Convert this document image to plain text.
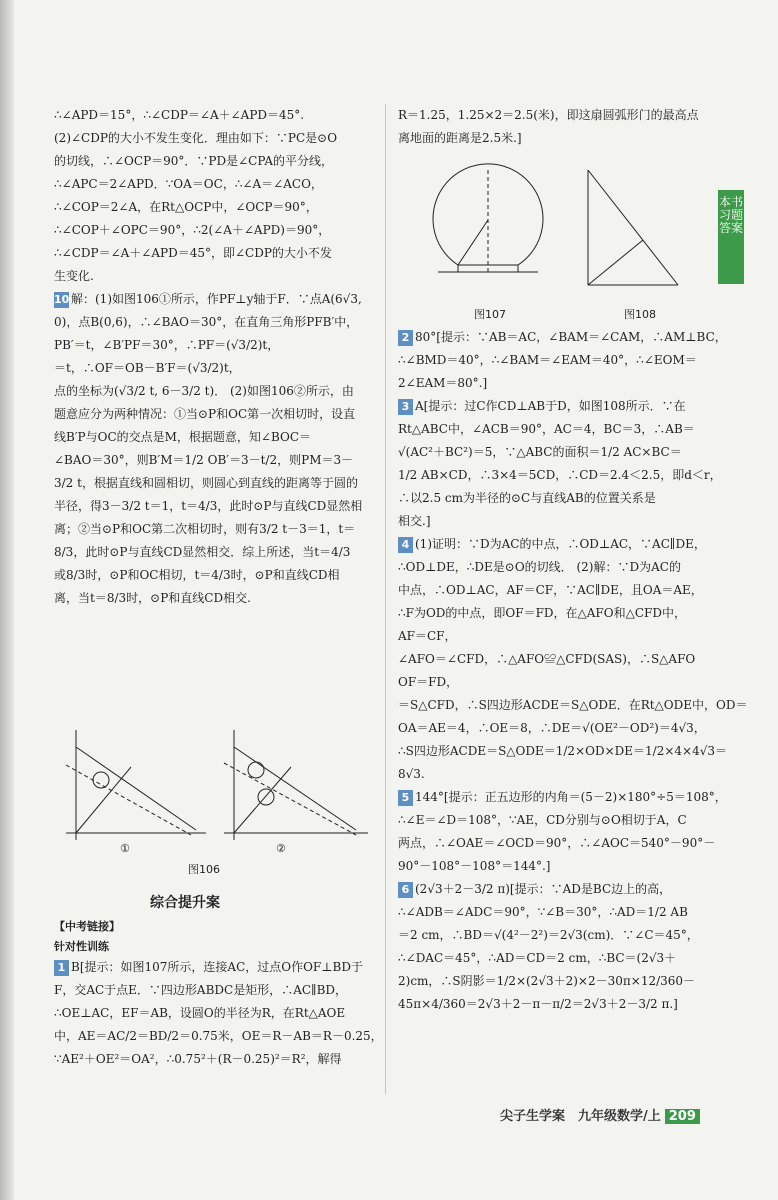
本书习题答案

∴∠APD＝15°，∴∠CDP＝∠A＋∠APD＝45°.

(2)∠CDP的大小不发生变化．理由如下：∵PC是⊙O

的切线，∴∠OCP＝90°．∵PD是∠CPA的平分线，

∴∠APC＝2∠APD．∵OA＝OC，∴∠A＝∠ACO，

∴∠COP＝2∠A，在Rt△OCP中，∠OCP＝90°，

∴∠COP＋∠OPC＝90°，∴2(∠A＋∠APD)＝90°，

∴∠CDP＝∠A＋∠APD＝45°，即∠CDP的大小不发

生变化.

10 解：(1)如图106①所示，作PF⊥y轴于F．∵点A(6√3,

0)，点B(0,6)，∴∠BAO＝30°，在直角三角形PFB′中，

PB′＝t，∠B′PF＝30°，∴PF＝(√3/2)t，

＝t，∴OF＝OB－B′F＝(√3/2)t，

点的坐标为(√3/2 t, 6－3/2 t)． (2)如图106②所示，由

题意应分为两种情况：①当⊙P和OC第一次相切时，设直

线B′P与OC的交点是M，根据题意，知∠BOC＝

∠BAO＝30°，则B′M＝1/2 OB′＝3－t/2，则PM＝3－

3/2 t，根据直线和圆相切，则圆心到直线的距离等于圆的

半径，得3－3/2 t＝1，t＝4/3，此时⊙P与直线CD显然相

离；②当⊙P和OC第二次相切时，则有3/2 t－3＝1，t＝

8/3，此时⊙P与直线CD显然相交．综上所述，当t＝4/3

或8/3时，⊙P和OC相切，t＝4/3时，⊙P和直线CD相

离，当t＝8/3时，⊙P和直线CD相交.

图106
①	②
综合提升案
【中考链接】
针对性训练

1 B[提示：如图107所示，连接AC，过点O作OF⊥BD于

F，交AC于点E．∵四边形ABDC是矩形，∴AC∥BD，

∴OE⊥AC，EF＝AB，设圆O的半径为R，在Rt△AOE

中，AE＝AC/2＝BD/2＝0.75米，OE＝R－AB＝R－0.25，

∵AE²＋OE²＝OA²，∴0.75²＋(R－0.25)²＝R²，解得

R＝1.25，1.25×2＝2.5(米)，即这扇圆弧形门的最高点

离地面的距离是2.5米.]

图107	图108

2 80°[提示：∵AB＝AC，∠BAM＝∠CAM，∴AM⊥BC，

∴∠BMD＝40°，∴∠BAM＝∠EAM＝40°，∴∠EOM＝

2∠EAM＝80°.]

3 A[提示：过C作CD⊥AB于D，如图108所示．∵在

Rt△ABC中，∠ACB＝90°，AC＝4，BC＝3，∴AB＝

√(AC²＋BC²)＝5，∵△ABC的面积＝1/2 AC×BC＝

1/2 AB×CD，∴3×4＝5CD，∴CD＝2.4＜2.5，即d＜r，

∴以2.5 cm为半径的⊙C与直线AB的位置关系是

相交.]

4 (1)证明：∵D为AC的中点，∴OD⊥AC，∵AC∥DE，

∴OD⊥DE，∴DE是⊙O的切线． (2)解：∵D为AC的

中点，∴OD⊥AC，AF＝CF，∵AC∥DE，且OA＝AE，

∴F为OD的中点，即OF＝FD，在△AFO和△CFD中，

AF＝CF，

∠AFO＝∠CFD，∴△AFO≌△CFD(SAS)，∴S△AFO

OF＝FD，

＝S△CFD，∴S四边形ACDE＝S△ODE．在Rt△ODE中，OD＝

OA＝AE＝4，∴OE＝8，∴DE＝√(OE²－OD²)＝4√3，

∴S四边形ACDE＝S△ODE＝1/2×OD×DE＝1/2×4×4√3＝

8√3.

5 144°[提示：正五边形的内角＝(5－2)×180°÷5＝108°，

∴∠E＝∠D＝108°，∵AE，CD分别与⊙O相切于A，C

两点，∴∠OAE＝∠OCD＝90°，∴∠AOC＝540°－90°－

90°－108°－108°＝144°.]

6 (2√3＋2－3/2 π)[提示：∵AD是BC边上的高，

∴∠ADB＝∠ADC＝90°，∵∠B＝30°，∴AD＝1/2 AB

＝2 cm，∴BD＝√(4²－2²)＝2√3(cm)．∵∠C＝45°，

∴∠DAC＝45°，∴AD＝CD＝2 cm，∴BC＝(2√3＋

2)cm，∴S阴影＝1/2×(2√3＋2)×2－30π×12/360－

45π×4/360＝2√3＋2－π－π/2＝2√3＋2－3/2 π.]

尖子生学案　九年级数学/上 209
